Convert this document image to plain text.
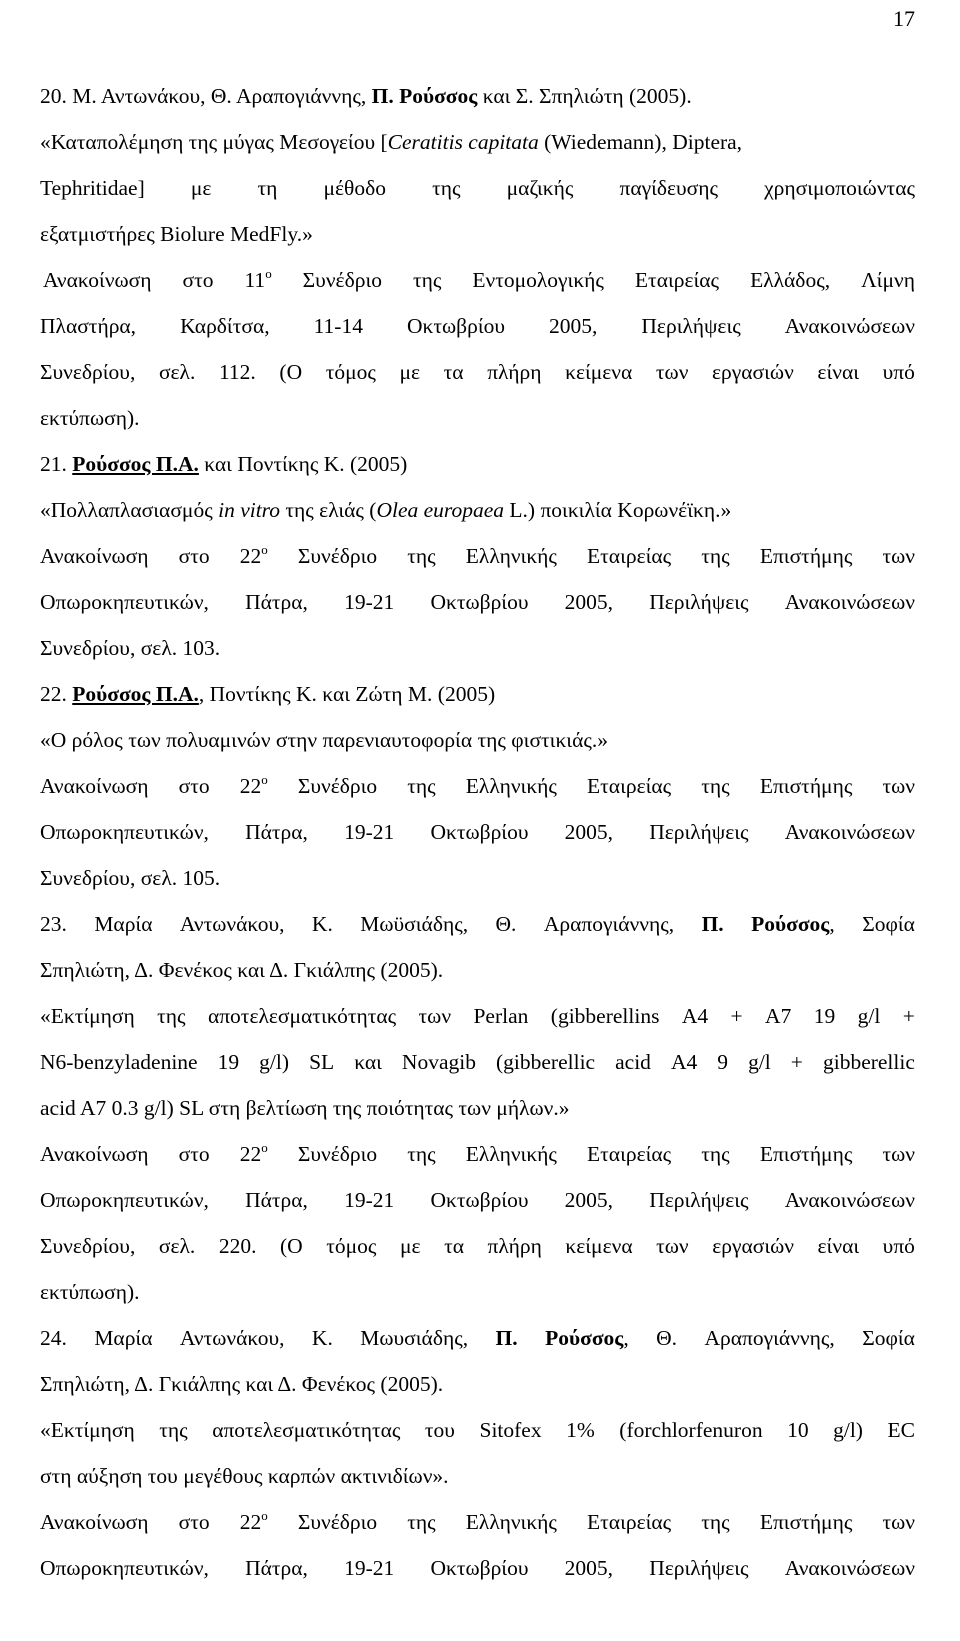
17
20. Μ. Αντωνάκου, Θ. Αραπογιάννης, Π. Ρούσσος και Σ. Σπηλιώτη (2005).
«Καταπολέμηση της μύγας Μεσογείου [Ceratitis capitata (Wiedemann), Diptera,
Tephritidae] με τη μέθοδο της μαζικής παγίδευσης χρησιμοποιώντας
εξατμιστήρες Biolure MedFly.»
Ανακοίνωση στο $11^o$ Συνέδριο της Εντομολογικής Εταιρείας Ελλάδος, Λίμνη
Πλαστήρα, Καρδίτσα, 11-14 Οκτωβρίου 2005, Περιλήψεις Ανακοινώσεων
Συνεδρίου, σελ. 112. (Ο τόμος με τα πλήρη κείμενα των εργασιών είναι υπό
εκτύπωση).
21. Ρούσσος Π.Α. και Ποντίκης Κ. (2005)
«Πολλαπλασιασμός in vitro της ελιάς (Olea europaea L.) ποικιλία Κορωνέϊκη.»
Ανακοίνωση στο $22^o$ Συνέδριο της Ελληνικής Εταιρείας της Επιστήμης των
Οπωροκηπευτικών, Πάτρα, 19-21 Οκτωβρίου 2005, Περιλήψεις Ανακοινώσεων
Συνεδρίου, σελ. 103.
22. Ρούσσος Π.Α., Ποντίκης Κ. και Ζώτη Μ. (2005)
«Ο ρόλος των πολυαμινών στην παρενιαυτοφορία της φιστικιάς.»
Ανακοίνωση στο $22^o$ Συνέδριο της Ελληνικής Εταιρείας της Επιστήμης των
Οπωροκηπευτικών, Πάτρα, 19-21 Οκτωβρίου 2005, Περιλήψεις Ανακοινώσεων
Συνεδρίου, σελ. 105.
23. Μαρία Αντωνάκου, Κ. Μωϋσιάδης, Θ. Αραπογιάννης, Π. Ρούσσος, Σοφία
Σπηλιώτη, Δ. Φενέκος και Δ. Γκιάλπης (2005).
«Εκτίμηση της αποτελεσματικότητας των Perlan (gibberellins A4 + A7 19 g/l +
N6-benzyladenine 19 g/l) SL και Novagib (gibberellic acid A4 9 g/l + gibberellic
acid A7 0.3 g/l) SL στη βελτίωση της ποιότητας των μήλων.»
Ανακοίνωση στο $22^o$ Συνέδριο της Ελληνικής Εταιρείας της Επιστήμης των
Οπωροκηπευτικών, Πάτρα, 19-21 Οκτωβρίου 2005, Περιλήψεις Ανακοινώσεων
Συνεδρίου, σελ. 220. (Ο τόμος με τα πλήρη κείμενα των εργασιών είναι υπό
εκτύπωση).
24. Μαρία Αντωνάκου, Κ. Μωυσιάδης, Π. Ρούσσος, Θ. Αραπογιάννης, Σοφία
Σπηλιώτη, Δ. Γκιάλπης και Δ. Φενέκος (2005).
«Εκτίμηση της αποτελεσματικότητας του Sitofex 1% (forchlorfenuron 10 g/l) EC
στη αύξηση του μεγέθους καρπών ακτινιδίων».
Ανακοίνωση στο $22^o$ Συνέδριο της Ελληνικής Εταιρείας της Επιστήμης των
Οπωροκηπευτικών, Πάτρα, 19-21 Οκτωβρίου 2005, Περιλήψεις Ανακοινώσεων
